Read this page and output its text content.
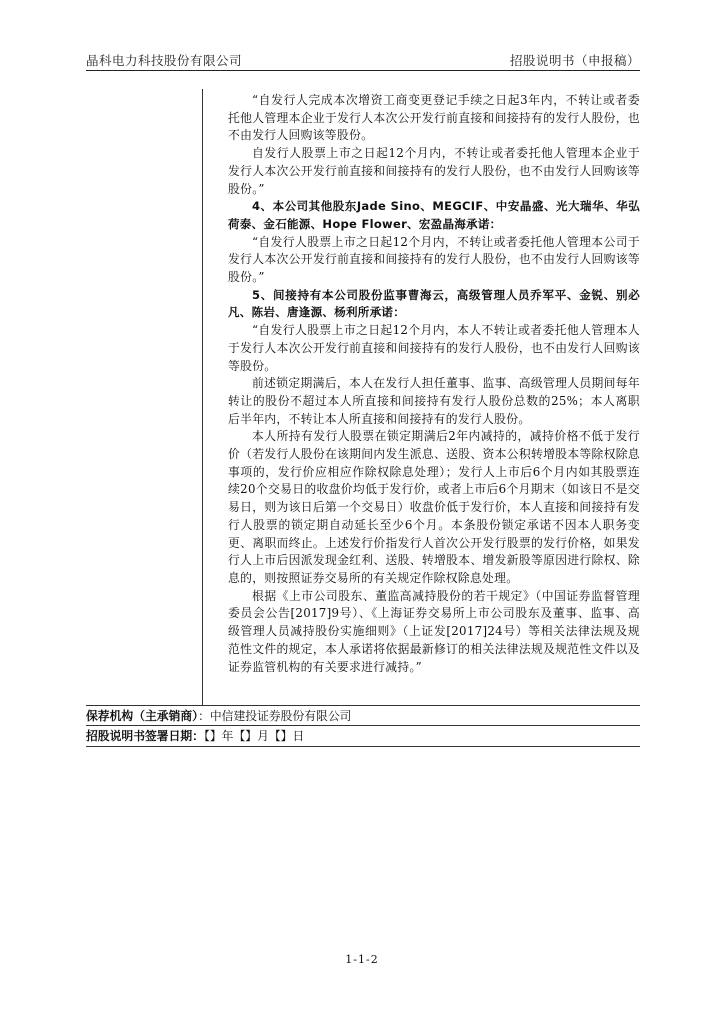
晶科电力科技股份有限公司	招股说明书（申报稿）

“自发行人完成本次增资工商变更登记手续之日起3年内，不转让或者委托他人管理本企业于发行人本次公开发行前直接和间接持有的发行人股份，也不由发行人回购该等股份。

自发行人股票上市之日起12个月内，不转让或者委托他人管理本企业于发行人本次公开发行前直接和间接持有的发行人股份，也不由发行人回购该等股份。”

4、本公司其他股东Jade Sino、MEGCIF、中安晶盛、光大瑞华、华弘荷泰、金石能源、Hope Flower、宏盈晶海承诺：

“自发行人股票上市之日起12个月内，不转让或者委托他人管理本公司于发行人本次公开发行前直接和间接持有的发行人股份，也不由发行人回购该等股份。”

5、间接持有本公司股份监事曹海云，高级管理人员乔军平、金锐、别必凡、陈岩、唐逢源、杨利所承诺：

“自发行人股票上市之日起12个月内，本人不转让或者委托他人管理本人于发行人本次公开发行前直接和间接持有的发行人股份，也不由发行人回购该等股份。

前述锁定期满后，本人在发行人担任董事、监事、高级管理人员期间每年转让的股份不超过本人所直接和间接持有发行人股份总数的25%；本人离职后半年内，不转让本人所直接和间接持有的发行人股份。

本人所持有发行人股票在锁定期满后2年内减持的，减持价格不低于发行价（若发行人股份在该期间内发生派息、送股、资本公积转增股本等除权除息事项的，发行价应相应作除权除息处理）；发行人上市后6个月内如其股票连续20个交易日的收盘价均低于发行价，或者上市后6个月期末（如该日不是交易日，则为该日后第一个交易日）收盘价低于发行价，本人直接和间接持有发行人股票的锁定期自动延长至少6个月。本条股份锁定承诺不因本人职务变更、离职而终止。上述发行价指发行人首次公开发行股票的发行价格，如果发行人上市后因派发现金红利、送股、转增股本、增发新股等原因进行除权、除息的，则按照证券交易所的有关规定作除权除息处理。

根据《上市公司股东、董监高减持股份的若干规定》（中国证券监督管理委员会公告[2017]9号）、《上海证券交易所上市公司股东及董事、监事、高级管理人员减持股份实施细则》（上证发[2017]24号）等相关法律法规及规范性文件的规定，本人承诺将依据最新修订的相关法律法规及规范性文件以及证券监管机构的有关要求进行减持。”

保荐机构（主承销商）：中信建投证券股份有限公司
招股说明书签署日期：【】年【】月【】日
1-1-2
